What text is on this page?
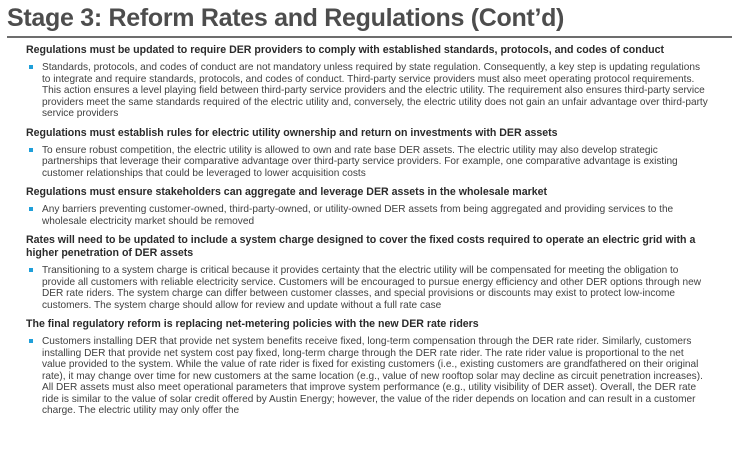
Stage 3: Reform Rates and Regulations (Cont’d)

Regulations must be updated to require DER providers to comply with established standards, protocols, and codes of conduct

Standards, protocols, and codes of conduct are not mandatory unless required by state regulation. Consequently, a key step is updating regulations to integrate and require standards, protocols, and codes of conduct. Third-party service providers must also meet operating protocol requirements. This action ensures a level playing field between third-party service providers and the electric utility. The requirement also ensures third-party service providers meet the same standards required of the electric utility and, conversely, the electric utility does not gain an unfair advantage over third-party service providers

Regulations must establish rules for electric utility ownership and return on investments with DER assets

To ensure robust competition, the electric utility is allowed to own and rate base DER assets. The electric utility may also develop strategic partnerships that leverage their comparative advantage over third-party service providers. For example, one comparative advantage is existing customer relationships that could be leveraged to lower acquisition costs

Regulations must ensure stakeholders can aggregate and leverage DER assets in the wholesale market

Any barriers preventing customer-owned, third-party-owned, or utility-owned DER assets from being aggregated and providing services to the wholesale electricity market should be removed

Rates will need to be updated to include a system charge designed to cover the fixed costs required to operate an electric grid with a higher penetration of DER assets

Transitioning to a system charge is critical because it provides certainty that the electric utility will be compensated for meeting the obligation to provide all customers with reliable electricity service. Customers will be encouraged to pursue energy efficiency and other DER options through new DER rate riders. The system charge can differ between customer classes, and special provisions or discounts may exist to protect low-income customers. The system charge should allow for review and update without a full rate case

The final regulatory reform is replacing net-metering policies with the new DER rate riders

Customers installing DER that provide net system benefits receive fixed, long-term compensation through the DER rate rider. Similarly, customers installing DER that provide net system cost pay fixed, long-term charge through the DER rate rider. The rate rider value is proportional to the net value provided to the system. While the value of rate rider is fixed for existing customers (i.e., existing customers are grandfathered on their original rate), it may change over time for new customers at the same location (e.g., value of new rooftop solar may decline as circuit penetration increases). All DER assets must also meet operational parameters that improve system performance (e.g., utility visibility of DER asset). Overall, the DER rate ride is similar to the value of solar credit offered by Austin Energy; however, the value of the rider depends on location and can result in a customer charge. The electric utility may only offer the
